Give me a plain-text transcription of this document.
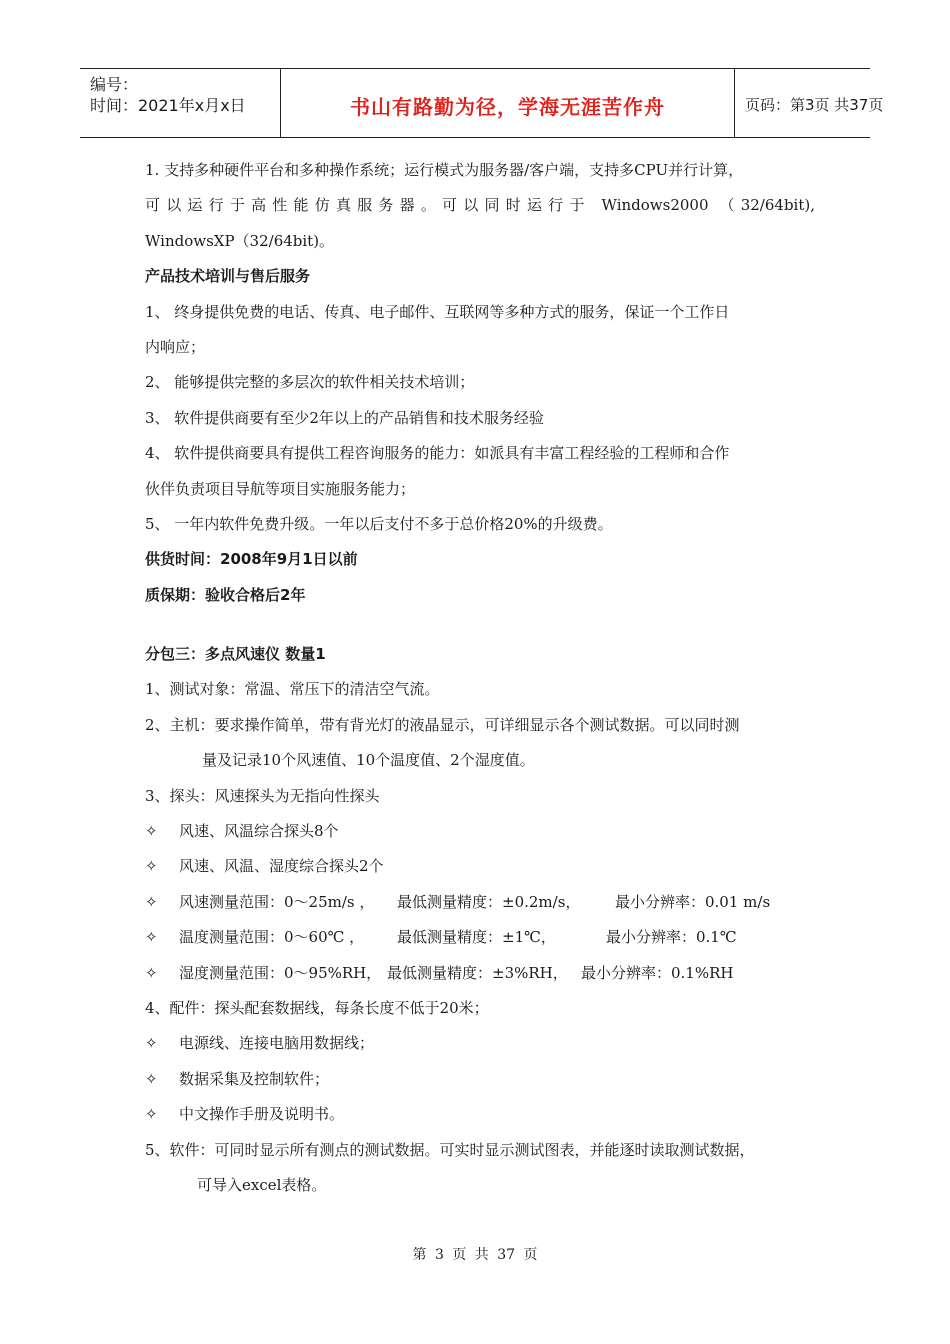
编号：
时间：2021年x月x日	书山有路勤为径，学海无涯苦作舟	页码：第3页 共37页
1. 支持多种硬件平台和多种操作系统；运行模式为服务器/客户端，支持多CPU并行计算，
可以运行于高性能仿真服务器。可以同时运行于 Windows2000 （32/64bit),
WindowsXP（32/64bit)。
产品技术培训与售后服务
1、 终身提供免费的电话、传真、电子邮件、互联网等多种方式的服务，保证一个工作日
内响应；
2、 能够提供完整的多层次的软件相关技术培训；
3、 软件提供商要有至少2年以上的产品销售和技术服务经验
4、 软件提供商要具有提供工程咨询服务的能力：如派具有丰富工程经验的工程师和合作
伙伴负责项目导航等项目实施服务能力；
5、 一年内软件免费升级。一年以后支付不多于总价格20%的升级费。
供货时间：2008年9月1日以前
质保期：验收合格后2年
分包三：多点风速仪 数量1
1、测试对象：常温、常压下的清洁空气流。
2、主机：要求操作简单，带有背光灯的液晶显示，可详细显示各个测试数据。可以同时测
量及记录10个风速值、10个温度值、2个湿度值。
3、探头：风速探头为无指向性探头
✧ 风速、风温综合探头8个
✧ 风速、风温、湿度综合探头2个
✧ 风速测量范围：0～25m/s ， 最低测量精度：±0.2m/s， 最小分辨率：0.01 m/s
✧ 温度测量范围：0～60℃ ， 最低测量精度：±1℃，	最小分辨率：0.1℃
✧ 湿度测量范围：0～95%RH， 最低测量精度：±3%RH， 最小分辨率：0.1%RH
4、配件：探头配套数据线，每条长度不低于20米；
✧ 电源线、连接电脑用数据线；
✧ 数据采集及控制软件；
✧ 中文操作手册及说明书。
5、软件：可同时显示所有测点的测试数据。可实时显示测试图表，并能逐时读取测试数据，
可导入excel表格。
第 3 页 共 37 页
